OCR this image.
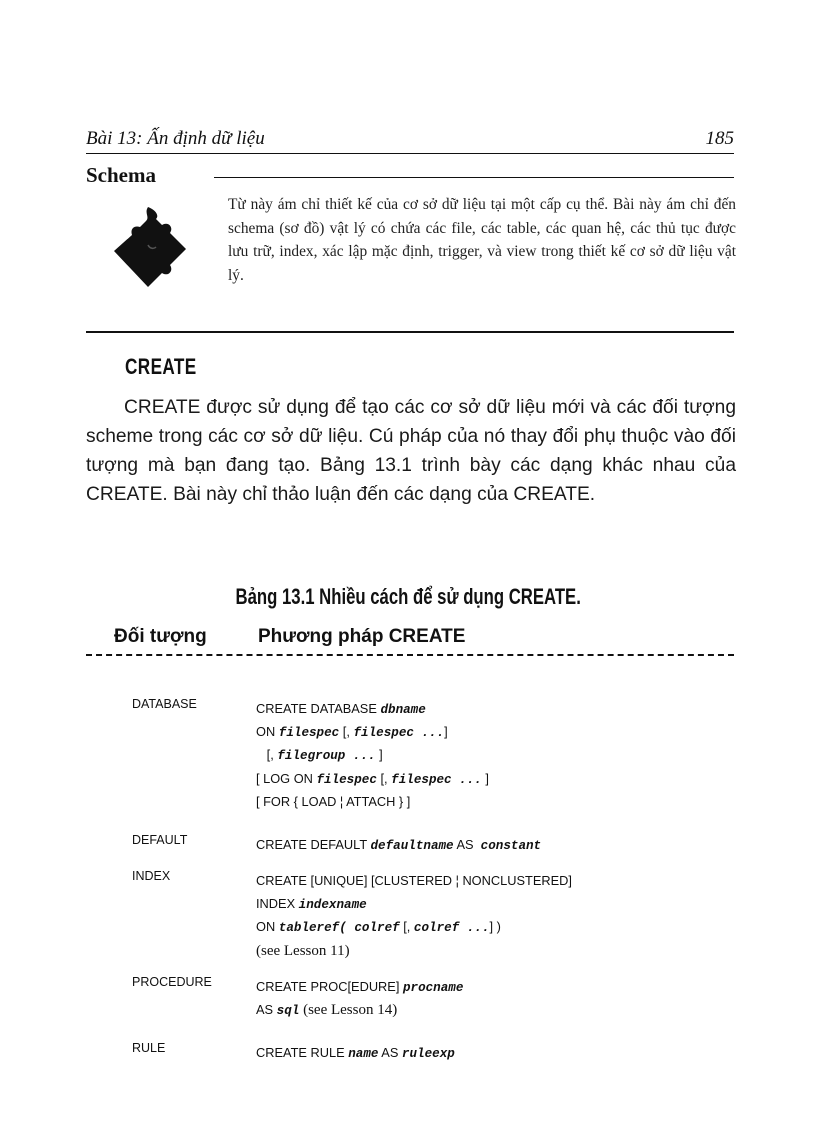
Bài 13: Ấn định dữ liệu	185
Schema
Từ này ám chỉ thiết kế của cơ sở dữ liệu tại một cấp cụ thể. Bài này ám chỉ đến schema (sơ đồ) vật lý có chứa các file, các table, các quan hệ, các thủ tục được lưu trữ, index, xác lập mặc định, trigger, và view trong thiết kế cơ sở dữ liệu vật lý.
CREATE
CREATE được sử dụng để tạo các cơ sở dữ liệu mới và các đối tượng scheme trong các cơ sở dữ liệu. Cú pháp của nó thay đổi phụ thuộc vào đối tượng mà bạn đang tạo. Bảng 13.1 trình bày các dạng khác nhau của CREATE. Bài này chỉ thảo luận đến các dạng của CREATE.
Bảng 13.1 Nhiều cách để sử dụng CREATE.
Đối tượng	Phương pháp CREATE
DATABASE	CREATE DATABASE dbname
ON filespec [, filespec ...]
[, filegroup ... ]
[ LOG ON filespec [, filespec ... ]
[ FOR { LOAD ¦ ATTACH } ]
DEFAULT	CREATE DEFAULT defaultname AS  constant
INDEX	CREATE [UNIQUE] [CLUSTERED ¦ NONCLUSTERED]
INDEX indexname
ON tableref( colref [, colref ...] )
(see Lesson 11)
PROCEDURE	CREATE PROC[EDURE] procname
AS sql (see Lesson 14)
RULE	CREATE RULE name AS ruleexp
